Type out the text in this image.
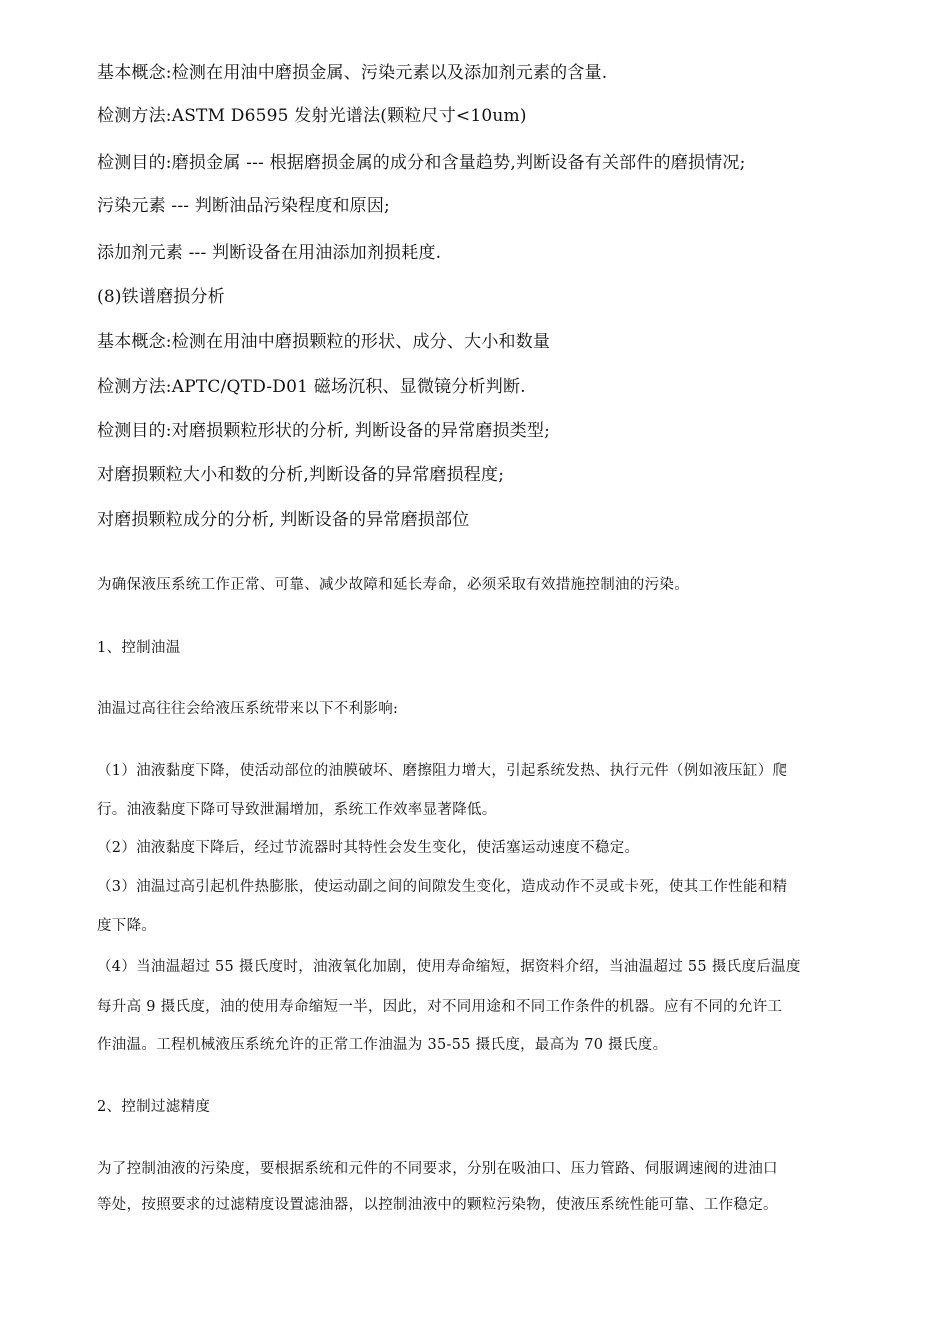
基本概念:检测在用油中磨损金属、污染元素以及添加剂元素的含量.
检测方法:ASTM D6595 发射光谱法(颗粒尺寸<10um)
检测目的:磨损金属 --- 根据磨损金属的成分和含量趋势,判断设备有关部件的磨损情况;
污染元素 --- 判断油品污染程度和原因;
添加剂元素 --- 判断设备在用油添加剂损耗度.
(8)铁谱磨损分析
基本概念:检测在用油中磨损颗粒的形状、成分、大小和数量
检测方法:APTC/QTD-D01 磁场沉积、显微镜分析判断.
检测目的:对磨损颗粒形状的分析, 判断设备的异常磨损类型;
对磨损颗粒大小和数的分析,判断设备的异常磨损程度;
对磨损颗粒成分的分析, 判断设备的异常磨损部位
为确保液压系统工作正常、可靠、减少故障和延长寿命，必须采取有效措施控制油的污染。
1、控制油温
油温过高往往会给液压系统带来以下不利影响:
（1）油液黏度下降，使活动部位的油膜破坏、磨擦阻力增大，引起系统发热、执行元件（例如液压缸）爬
行。油液黏度下降可导致泄漏增加，系统工作效率显著降低。
（2）油液黏度下降后，经过节流器时其特性会发生变化，使活塞运动速度不稳定。
（3）油温过高引起机件热膨胀，使运动副之间的间隙发生变化，造成动作不灵或卡死，使其工作性能和精
度下降。
（4）当油温超过 55 摄氏度时，油液氧化加剧，使用寿命缩短，据资料介绍，当油温超过 55 摄氏度后温度
每升高 9 摄氏度，油的使用寿命缩短一半，因此，对不同用途和不同工作条件的机器。应有不同的允许工
作油温。工程机械液压系统允许的正常工作油温为 35-55 摄氏度，最高为 70 摄氏度。
2、控制过滤精度
为了控制油液的污染度，要根据系统和元件的不同要求，分别在吸油口、压力管路、伺服调速阀的进油口
等处，按照要求的过滤精度设置滤油器，以控制油液中的颗粒污染物，使液压系统性能可靠、工作稳定。
